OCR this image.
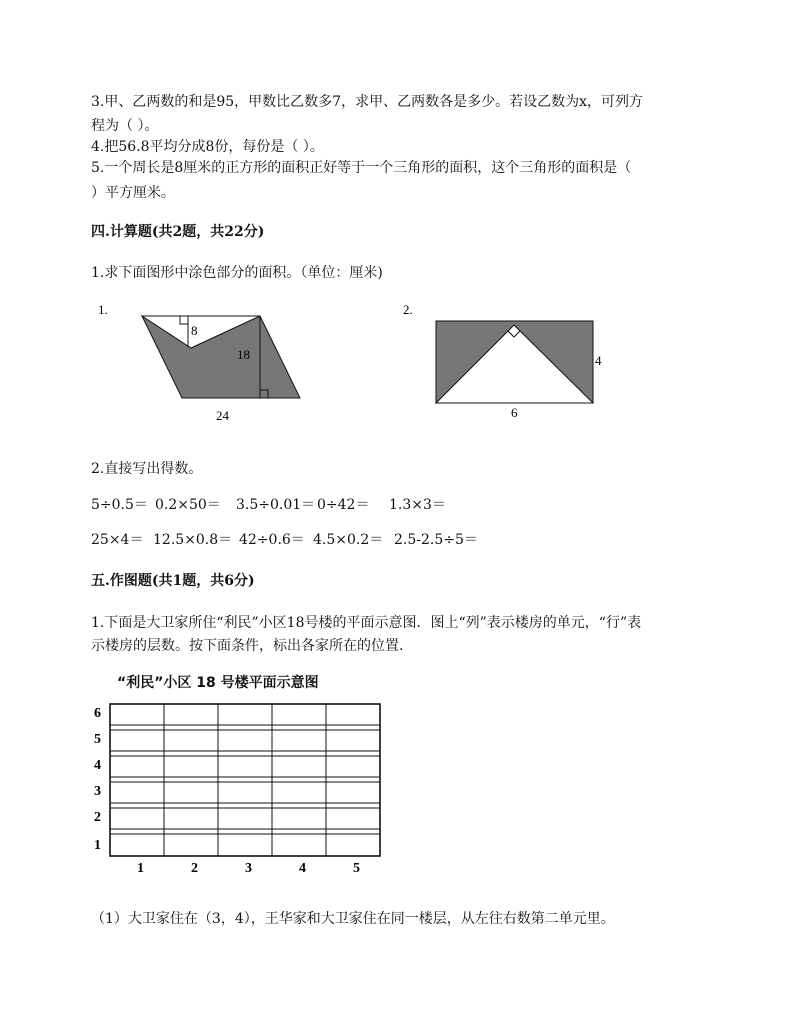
3.甲、乙两数的和是95，甲数比乙数多7，求甲、乙两数各是多少。若设乙数为x，可列方

程为（ ）。

4.把56.8平均分成8份，每份是（ ）。

5.一个周长是8厘米的正方形的面积正好等于一个三角形的面积，这个三角形的面积是（

）平方厘米。

四.计算题(共2题，共22分)

1.求下面图形中涂色部分的面积。（单位：厘米)

1.
8
18
24
2.
4
6

2.直接写出得数。

5÷0.5＝ 0.2×50＝ 3.5÷0.01＝ 0÷42＝ 1.3×3＝

25×4＝ 12.5×0.8＝ 42÷0.6＝ 4.5×0.2＝ 2.5-2.5÷5＝

五.作图题(共1题，共6分)

1.下面是大卫家所住“利民”小区18号楼的平面示意图．图上“列”表示楼房的单元，“行”表

示楼房的层数。按下面条件，标出各家所在的位置.

“利民”小区 18 号楼平面示意图

6
5
4
3
2
1
1	2	3	4	5

（1）大卫家住在（3，4），王华家和大卫家住在同一楼层，从左往右数第二单元里。
